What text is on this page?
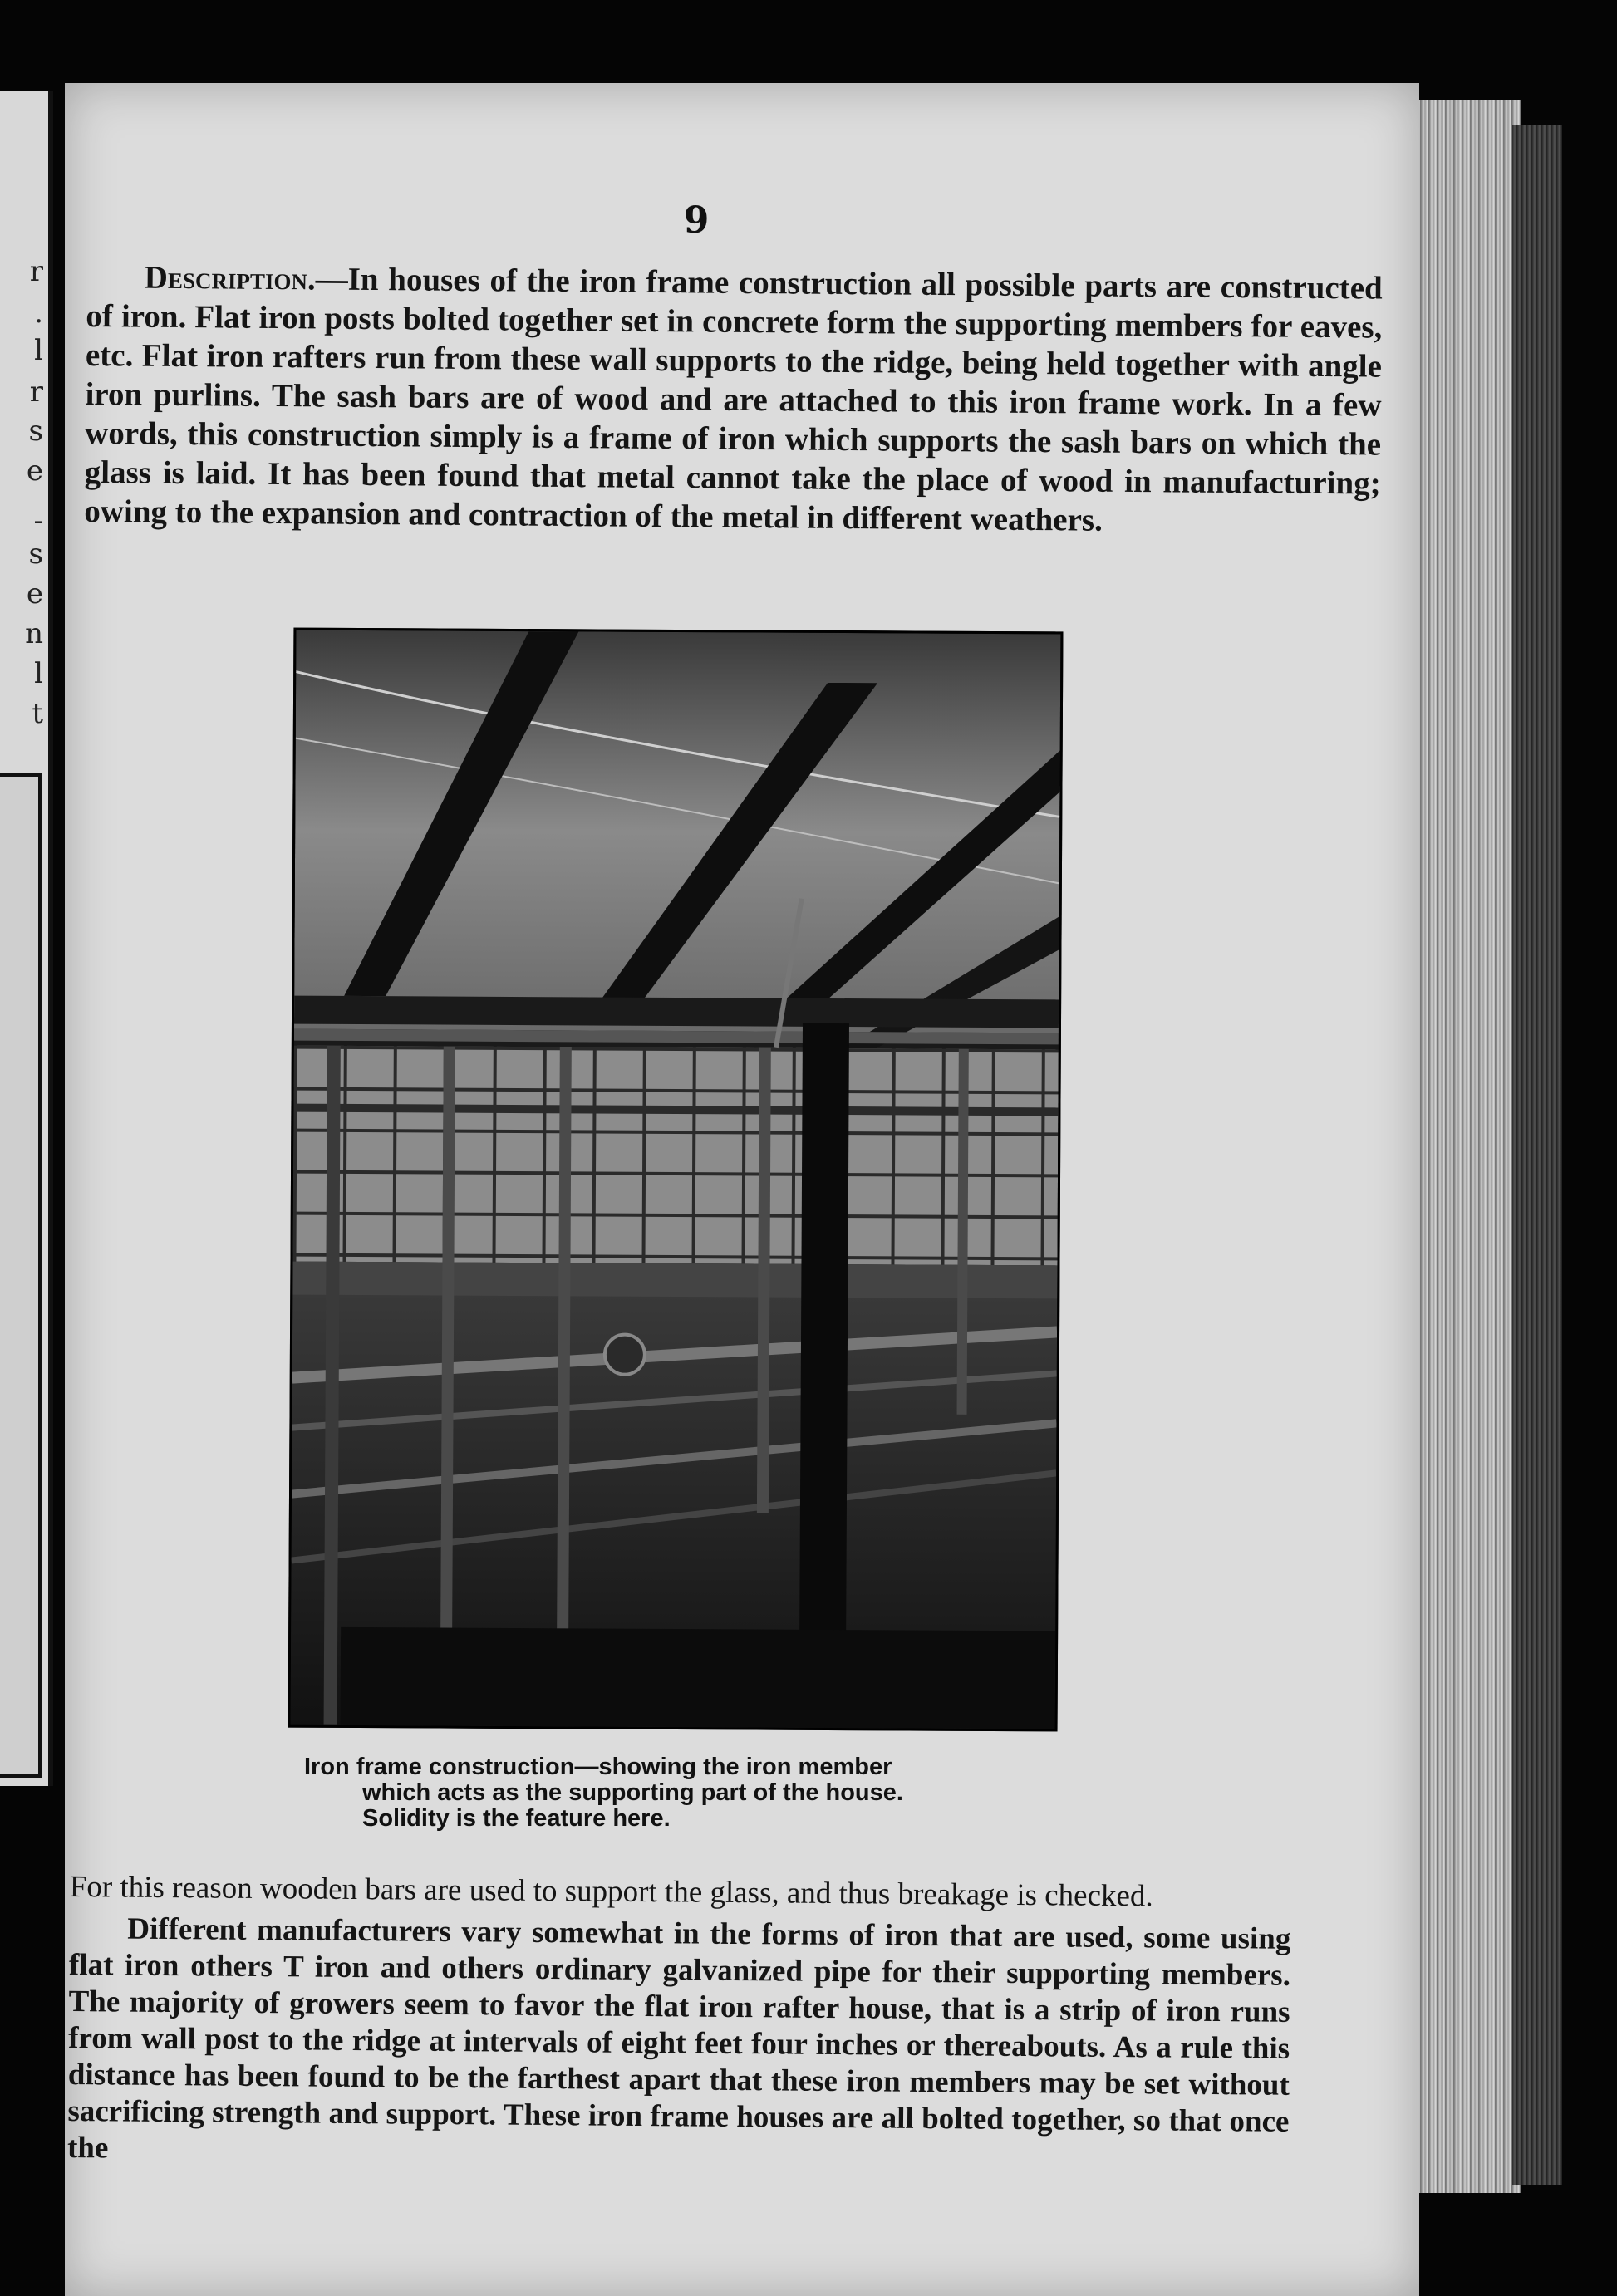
r
.
l
r
s
e
-
s
e
n
l
t
9
Description.—In houses of the iron frame construction all possible parts are constructed of iron. Flat iron posts bolted together set in concrete form the supporting members for eaves, etc. Flat iron rafters run from these wall supports to the ridge, being held together with angle iron purlins. The sash bars are of wood and are attached to this iron frame work. In a few words, this construction simply is a frame of iron which supports the sash bars on which the glass is laid. It has been found that metal cannot take the place of wood in manufacturing; owing to the expansion and contraction of the metal in different weathers.
Iron frame construction—showing the iron member
which acts as the supporting part of the house.
Solidity is the feature here.

For this reason wooden bars are used to support the glass, and thus breakage is checked.

Different manufacturers vary somewhat in the forms of iron that are used, some using flat iron others T iron and others ordinary galvanized pipe for their supporting members. The majority of growers seem to favor the flat iron rafter house, that is a strip of iron runs from wall post to the ridge at intervals of eight feet four inches or thereabouts. As a rule this distance has been found to be the farthest apart that these iron members may be set without sacrificing strength and support. These iron frame houses are all bolted together, so that once the
